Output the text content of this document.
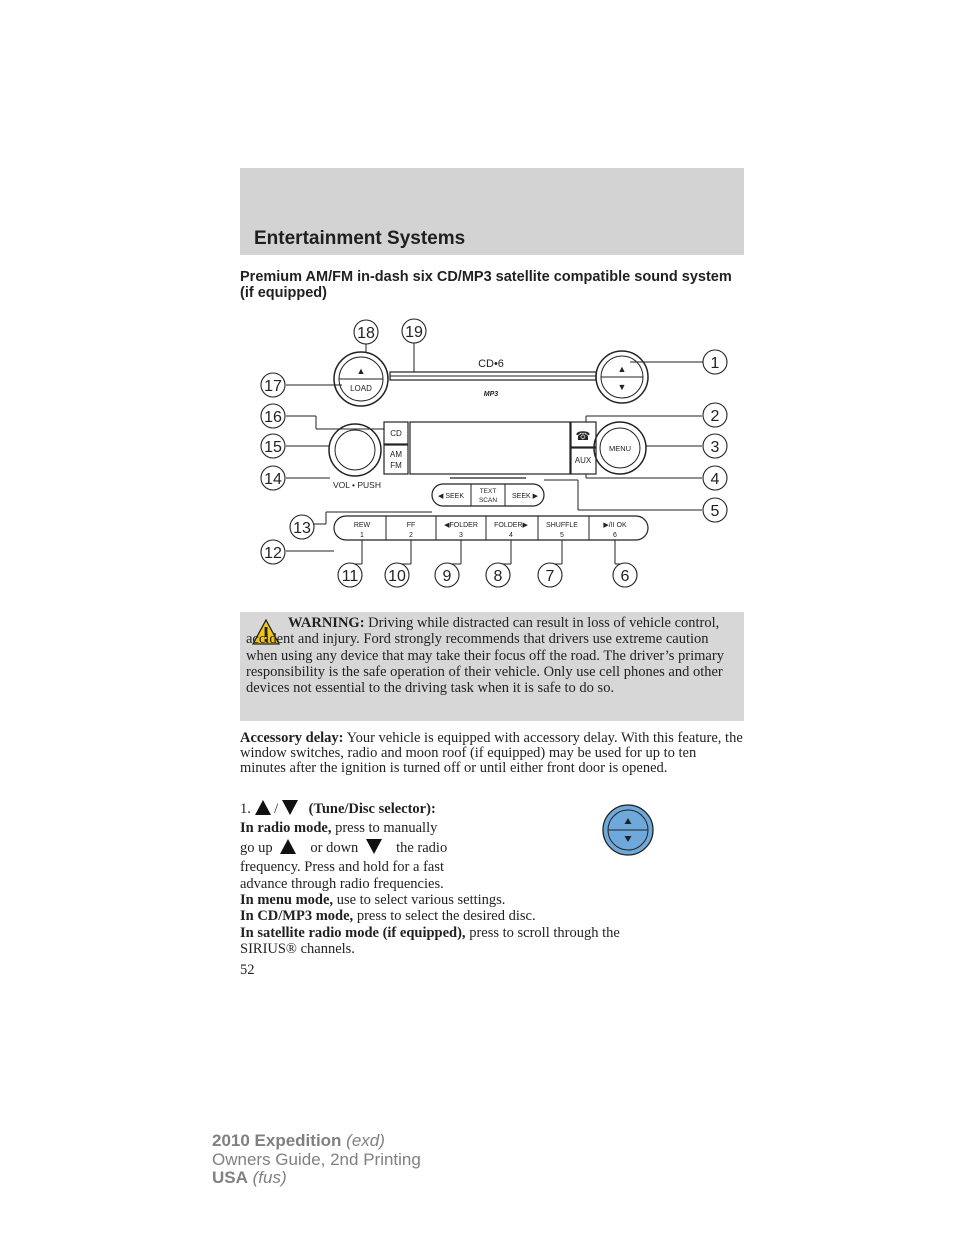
Entertainment Systems
Premium AM/FM in-dash six CD/MP3 satellite compatible sound system (if equipped)
▲
LOAD
CD•6
MP3
▲
▼
VOL • PUSH
CD
AM
FM
☎
AUX
MENU
◀ SEEK
TEXT
SCAN
SEEK ▶
REW
1
FF
2
◀FOLDER
3
FOLDER▶
4
SHUFFLE
5
▶/II OK
6
1
2
3
4
5
6
7
8
9
10
11
12
13
14
15
16
17
18 19
WARNING: Driving while distracted can result in loss of vehicle control, accident and injury. Ford strongly recommends that drivers use extreme caution when using any device that may take their focus off the road. The driver’s primary responsibility is the safe operation of their vehicle. Only use cell phones and other devices not essential to the driving task when it is safe to do so.
Accessory delay: Your vehicle is equipped with accessory delay. With this feature, the window switches, radio and moon roof (if equipped) may be used for up to ten minutes after the ignition is turned off or until either front door is opened.
1. / (Tune/Disc selector):
In radio mode, press to manually
go up	or down	the radio
frequency. Press and hold for a fast
advance through radio frequencies.
In menu mode, use to select various settings.
In CD/MP3 mode, press to select the desired disc.
In satellite radio mode (if equipped), press to scroll through the
SIRIUS® channels.
52
2010 Expedition (exd)
Owners Guide, 2nd Printing
USA (fus)
